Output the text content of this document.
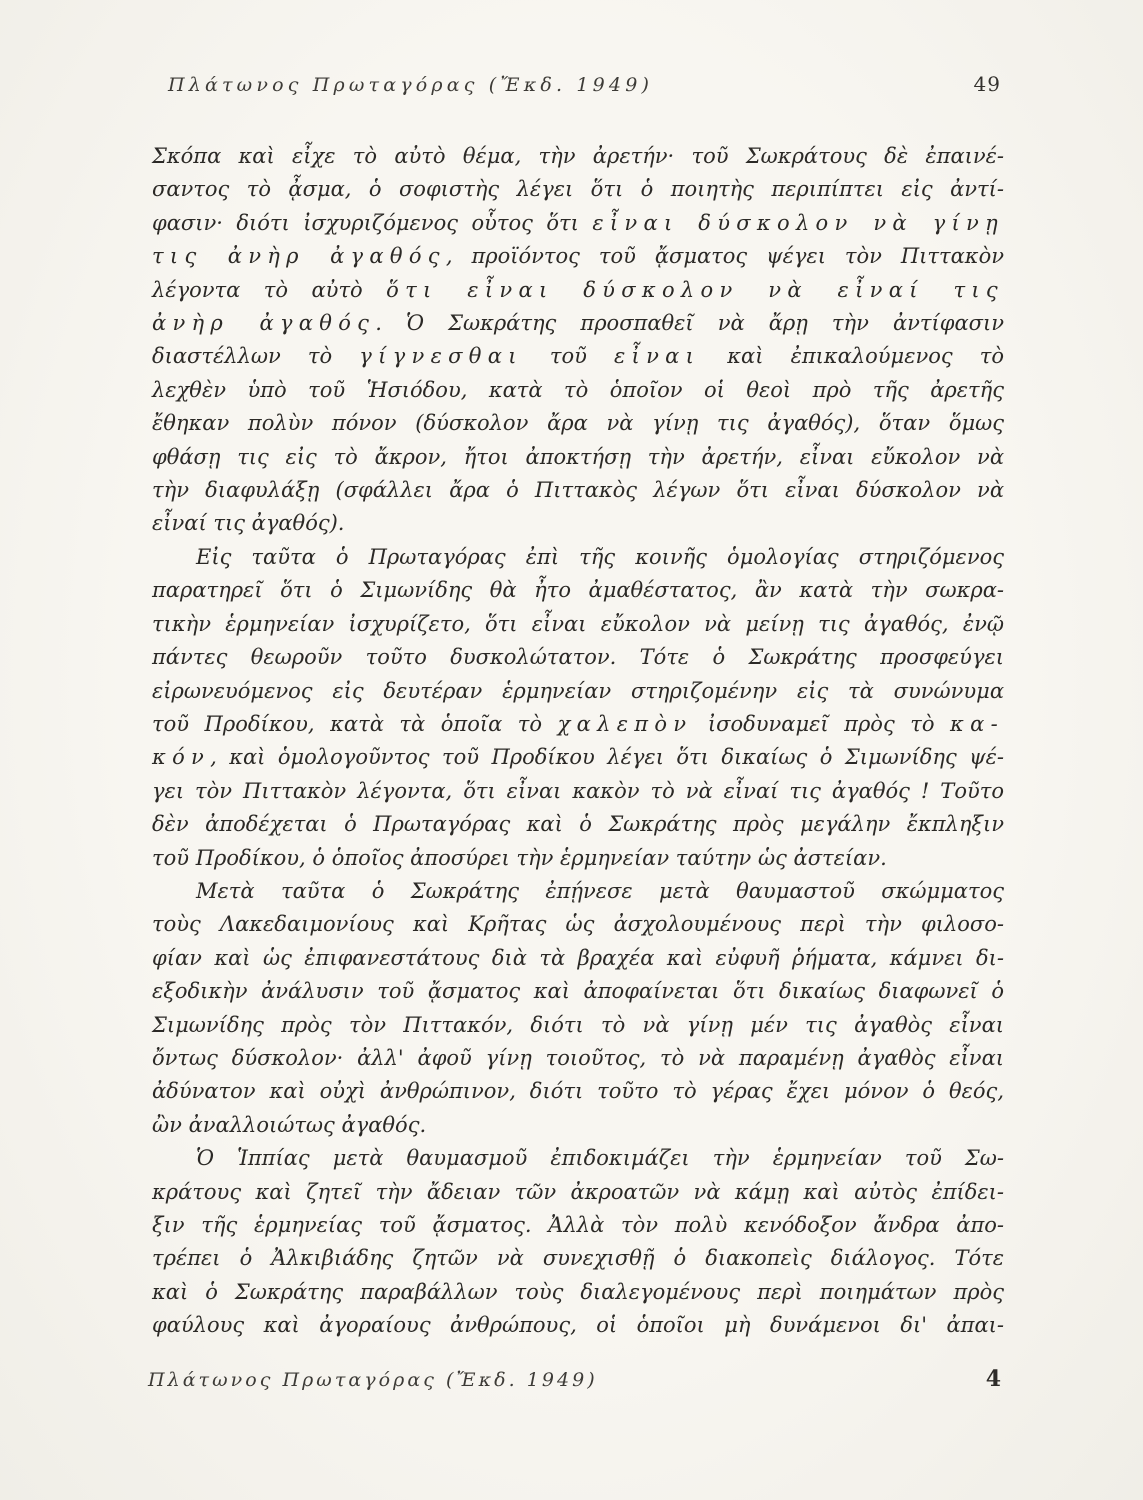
Πλάτωνος Πρωταγόρας (Ἔκδ. 1949)	49
Σκόπα καὶ εἶχε τὸ αὐτὸ θέμα, τὴν ἀρετήν· τοῦ Σωκράτους δὲ ἐπαινέ-
σαντος τὸ ᾆσμα, ὁ σοφιστὴς λέγει ὅτι ὁ ποιητὴς περιπίπτει εἰς ἀντί-
φασιν· διότι ἰσχυριζόμενος οὗτος ὅτι εἶναι δύσκολον νὰ γίνῃ
τις ἀνὴρ ἀγαθός, προϊόντος τοῦ ᾄσματος ψέγει τὸν Πιττακὸν
λέγοντα τὸ αὐτὸ ὅτι εἶναι δύσκολον νὰ εἶναί τις
ἀνὴρ ἀγαθός. Ὁ Σωκράτης προσπαθεῖ νὰ ἄρῃ τὴν ἀντίφασιν
διαστέλλων τὸ γίγνεσθαι τοῦ εἶναι καὶ ἐπικαλούμενος τὸ
λεχθὲν ὑπὸ τοῦ Ἡσιόδου, κατὰ τὸ ὁποῖον οἱ θεοὶ πρὸ τῆς ἀρετῆς
ἔθηκαν πολὺν πόνον (δύσκολον ἄρα νὰ γίνῃ τις ἀγαθός), ὅταν ὅμως
φθάσῃ τις εἰς τὸ ἄκρον, ἤτοι ἀποκτήσῃ τὴν ἀρετήν, εἶναι εὔκολον νὰ
τὴν διαφυλάξῃ (σφάλλει ἄρα ὁ Πιττακὸς λέγων ὅτι εἶναι δύσκολον νὰ
εἶναί τις ἀγαθός).
Εἰς ταῦτα ὁ Πρωταγόρας ἐπὶ τῆς κοινῆς ὁμολογίας στηριζόμενος
παρατηρεῖ ὅτι ὁ Σιμωνίδης θὰ ἦτο ἀμαθέστατος, ἂν κατὰ τὴν σωκρα-
τικὴν ἑρμηνείαν ἰσχυρίζετο, ὅτι εἶναι εὔκολον νὰ μείνῃ τις ἀγαθός, ἐνῷ
πάντες θεωροῦν τοῦτο δυσκολώτατον. Τότε ὁ Σωκράτης προσφεύγει
εἰρωνευόμενος εἰς δευτέραν ἑρμηνείαν στηριζομένην εἰς τὰ συνώνυμα
τοῦ Προδίκου, κατὰ τὰ ὁποῖα τὸ χαλεπὸν ἰσοδυναμεῖ πρὸς τὸ κα-
κόν, καὶ ὁμολογοῦντος τοῦ Προδίκου λέγει ὅτι δικαίως ὁ Σιμωνίδης ψέ-
γει τὸν Πιττακὸν λέγοντα, ὅτι εἶναι κακὸν τὸ νὰ εἶναί τις ἀγαθός ! Τοῦτο
δὲν ἀποδέχεται ὁ Πρωταγόρας καὶ ὁ Σωκράτης πρὸς μεγάλην ἔκπληξιν
τοῦ Προδίκου, ὁ ὁποῖος ἀποσύρει τὴν ἑρμηνείαν ταύτην ὡς ἀστείαν.
Μετὰ ταῦτα ὁ Σωκράτης ἐπῄνεσε μετὰ θαυμαστοῦ σκώμματος
τοὺς Λακεδαιμονίους καὶ Κρῆτας ὡς ἀσχολουμένους περὶ τὴν φιλοσο-
φίαν καὶ ὡς ἐπιφανεστάτους διὰ τὰ βραχέα καὶ εὐφυῆ ῥήματα, κάμνει δι-
εξοδικὴν ἀνάλυσιν τοῦ ᾄσματος καὶ ἀποφαίνεται ὅτι δικαίως διαφωνεῖ ὁ
Σιμωνίδης πρὸς τὸν Πιττακόν, διότι τὸ νὰ γίνῃ μέν τις ἀγαθὸς εἶναι
ὄντως δύσκολον· ἀλλ' ἀφοῦ γίνῃ τοιοῦτος, τὸ νὰ παραμένῃ ἀγαθὸς εἶναι
ἀδύνατον καὶ οὐχὶ ἀνθρώπινον, διότι τοῦτο τὸ γέρας ἔχει μόνον ὁ θεός,
ὢν ἀναλλοιώτως ἀγαθός.
Ὁ Ἱππίας μετὰ θαυμασμοῦ ἐπιδοκιμάζει τὴν ἑρμηνείαν τοῦ Σω-
κράτους καὶ ζητεῖ τὴν ἄδειαν τῶν ἀκροατῶν νὰ κάμῃ καὶ αὐτὸς ἐπίδει-
ξιν τῆς ἑρμηνείας τοῦ ᾄσματος. Ἀλλὰ τὸν πολὺ κενόδοξον ἄνδρα ἀπο-
τρέπει ὁ Ἀλκιβιάδης ζητῶν νὰ συνεχισθῇ ὁ διακοπεὶς διάλογος. Τότε
καὶ ὁ Σωκράτης παραβάλλων τοὺς διαλεγομένους περὶ ποιημάτων πρὸς
φαύλους καὶ ἀγοραίους ἀνθρώπους, οἱ ὁποῖοι μὴ δυνάμενοι δι' ἀπαι-
Πλάτωνος Πρωταγόρας (Ἔκδ. 1949)	4
